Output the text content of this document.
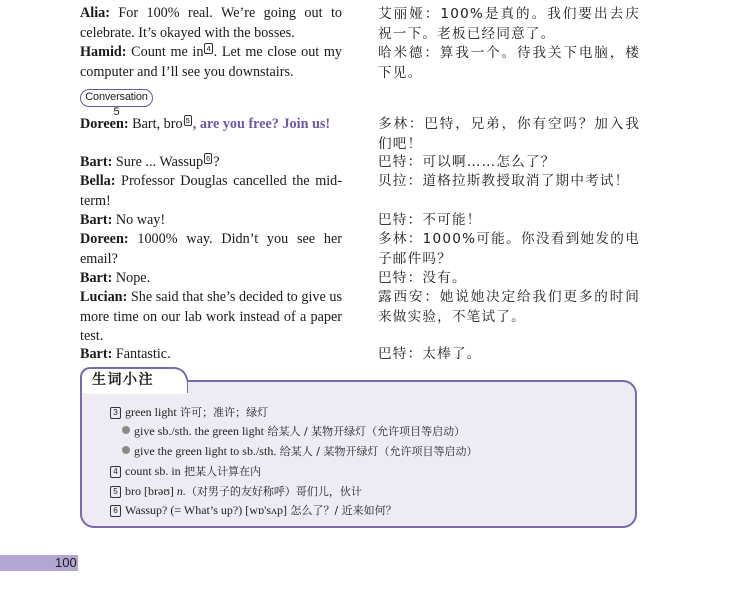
Alia: For 100% real. We’re going out to celebrate. It’s okayed with the bosses.

Hamid: Count me in $^4$ . Let me close out my computer and I’ll see you downstairs.

Conversation 5

Doreen: Bart, bro $^5$ , are you free? Join us!

Bart: Sure ... Wassup $^6$ ?

Bella: Professor Douglas cancelled the mid-term!

Bart: No way!

Doreen: 1000% way. Didn’t you see her email?

Bart: Nope.

Lucian: She said that she’s decided to give us more time on our lab work instead of a paper test.

Bart: Fantastic.

艾丽娅：100%是真的。我们要出去庆祝一下。老板已经同意了。

哈米德：算我一个。待我关下电脑，楼下见。

多林：巴特，兄弟，你有空吗？加入我们吧！

巴特：可以啊……怎么了？

贝拉：道格拉斯教授取消了期中考试！

巴特：不可能！

多林：1000%可能。你没看到她发的电子邮件吗？

巴特：没有。

露西安：她说她决定给我们更多的时间来做实验，不笔试了。

巴特：太棒了。

生词小注
3 green light 许可；准许；绿灯
give sb./sth. the green light 给某人 / 某物开绿灯（允许项目等启动）
give the green light to sb./sth. 给某人 / 某物开绿灯（允许项目等启动）
4 count sb. in 把某人计算在内
5 bro [brəʊ] n.（对男子的友好称呼）哥们儿，伙计
6 Wassup? (= What’s up?) [wɒ'sʌp] 怎么了？/ 近来如何？
100
